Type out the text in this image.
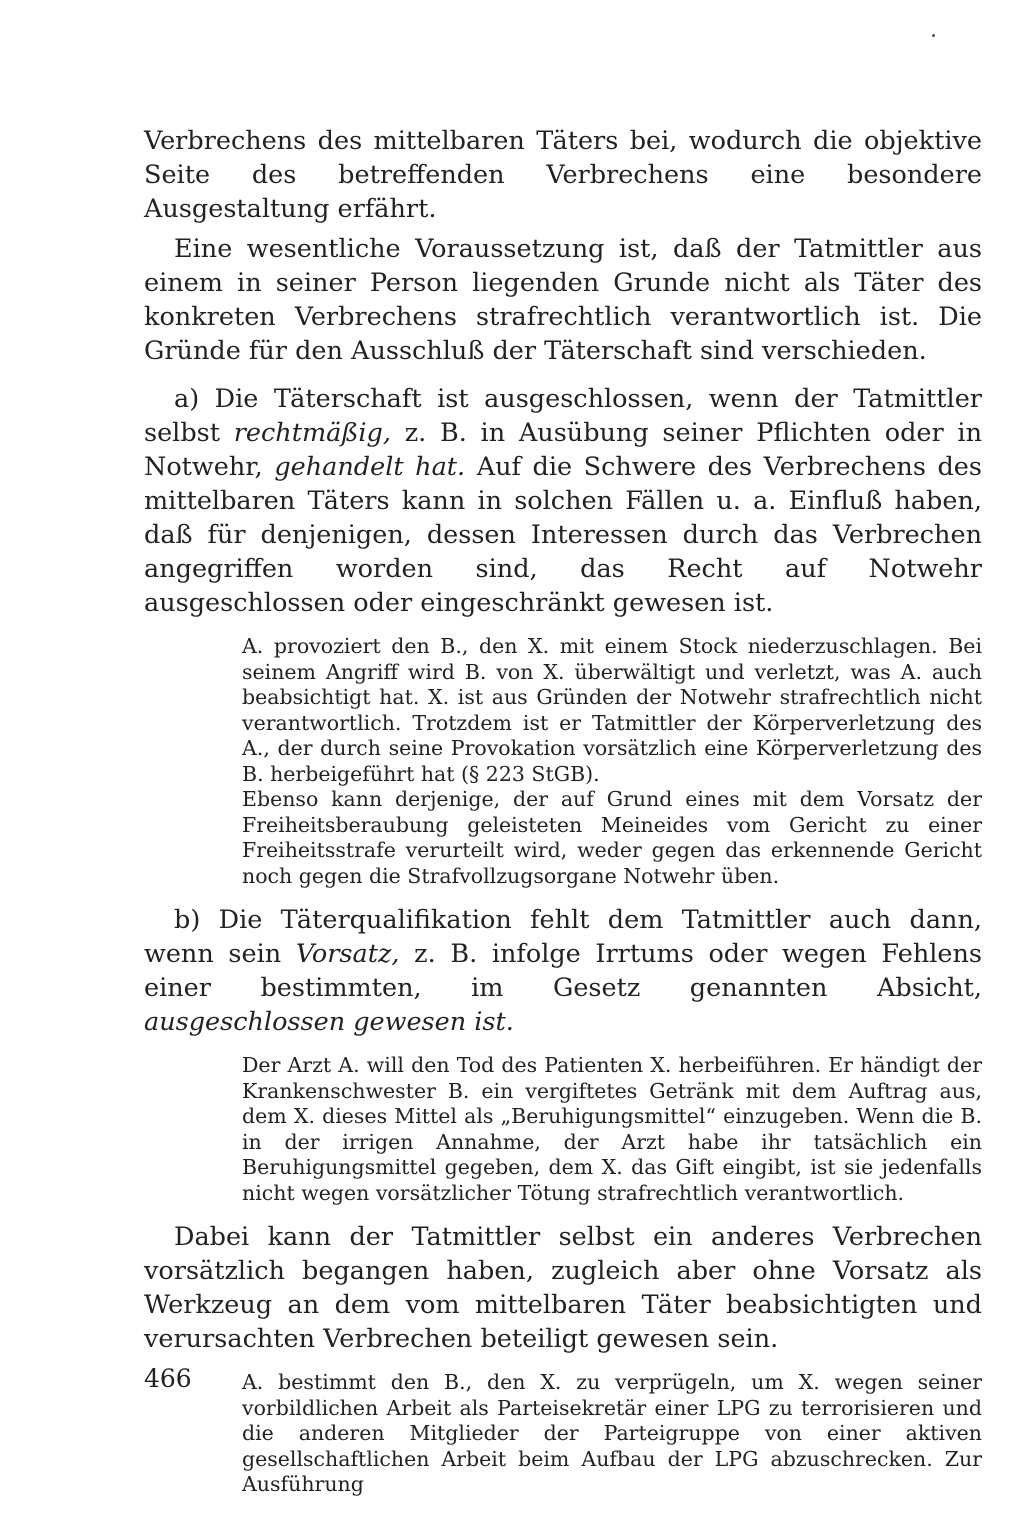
Verbrechens des mittelbaren Täters bei, wodurch die objektive Seite des betreffenden Verbrechens eine besondere Ausgestaltung erfährt.

Eine wesentliche Voraussetzung ist, daß der Tatmittler aus einem in seiner Person liegenden Grunde nicht als Täter des konkreten Verbrechens strafrechtlich verantwortlich ist. Die Gründe für den Ausschluß der Täterschaft sind verschieden.

a) Die Täterschaft ist ausgeschlossen, wenn der Tatmittler selbst rechtmäßig, z. B. in Ausübung seiner Pflichten oder in Notwehr, gehandelt hat. Auf die Schwere des Verbrechens des mittelbaren Täters kann in solchen Fällen u. a. Einfluß haben, daß für denjenigen, dessen Interessen durch das Verbrechen angegriffen worden sind, das Recht auf Notwehr ausgeschlossen oder eingeschränkt gewesen ist.

A. provoziert den B., den X. mit einem Stock niederzuschlagen. Bei seinem Angriff wird B. von X. überwältigt und verletzt, was A. auch beabsichtigt hat. X. ist aus Gründen der Notwehr strafrechtlich nicht verantwortlich. Trotzdem ist er Tatmittler der Körperverletzung des A., der durch seine Provokation vorsätzlich eine Körperverletzung des B. herbeigeführt hat (§ 223 StGB).

Ebenso kann derjenige, der auf Grund eines mit dem Vorsatz der Freiheitsberaubung geleisteten Meineides vom Gericht zu einer Freiheitsstrafe verurteilt wird, weder gegen das erkennende Gericht noch gegen die Strafvollzugsorgane Notwehr üben.

b) Die Täterqualifikation fehlt dem Tatmittler auch dann, wenn sein Vorsatz, z. B. infolge Irrtums oder wegen Fehlens einer bestimmten, im Gesetz genannten Absicht, ausgeschlossen gewesen ist.

Der Arzt A. will den Tod des Patienten X. herbeiführen. Er händigt der Krankenschwester B. ein vergiftetes Getränk mit dem Auftrag aus, dem X. dieses Mittel als „Beruhigungsmittel“ einzugeben. Wenn die B. in der irrigen Annahme, der Arzt habe ihr tatsächlich ein Beruhigungsmittel gegeben, dem X. das Gift eingibt, ist sie jedenfalls nicht wegen vorsätzlicher Tötung strafrechtlich verantwortlich.

Dabei kann der Tatmittler selbst ein anderes Verbrechen vorsätzlich begangen haben, zugleich aber ohne Vorsatz als Werkzeug an dem vom mittelbaren Täter beabsichtigten und verursachten Verbrechen beteiligt gewesen sein.

A. bestimmt den B., den X. zu verprügeln, um X. wegen seiner vorbildlichen Arbeit als Parteisekretär einer LPG zu terrorisieren und die anderen Mitglieder der Parteigruppe von einer aktiven gesellschaftlichen Arbeit beim Aufbau der LPG abzuschrecken. Zur Ausführung

466
